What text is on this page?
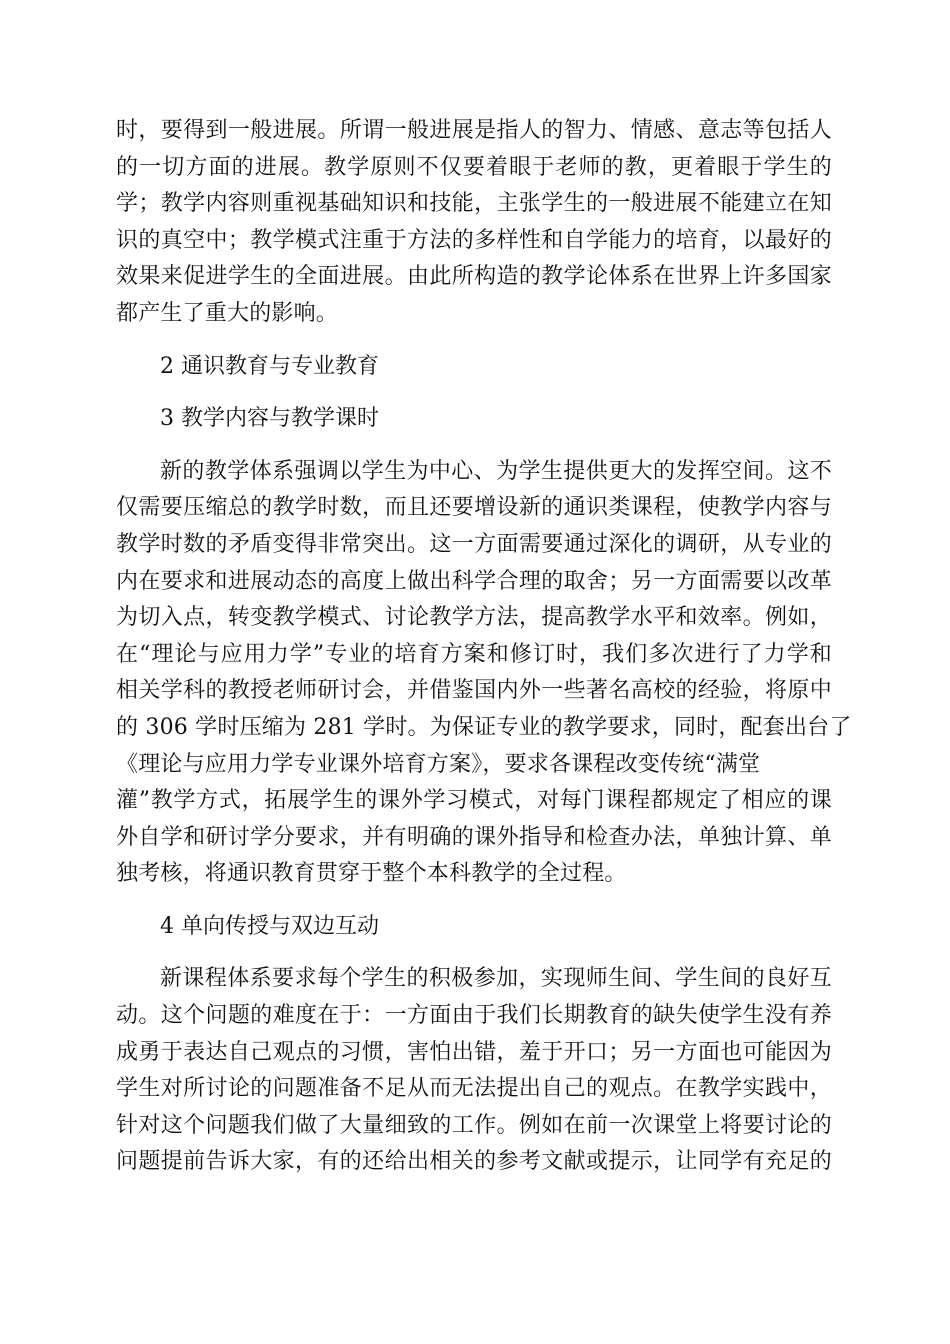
时，要得到一般进展。所谓一般进展是指人的智力、情感、意志等包括人
的一切方面的进展。教学原则不仅要着眼于老师的教，更着眼于学生的
学；教学内容则重视基础知识和技能，主张学生的一般进展不能建立在知
识的真空中；教学模式注重于方法的多样性和自学能力的培育，以最好的
效果来促进学生的全面进展。由此所构造的教学论体系在世界上许多国家
都产生了重大的影响。
2 通识教育与专业教育
3 教学内容与教学课时
新的教学体系强调以学生为中心、为学生提供更大的发挥空间。这不
仅需要压缩总的教学时数，而且还要增设新的通识类课程，使教学内容与
教学时数的矛盾变得非常突出。这一方面需要通过深化的调研，从专业的
内在要求和进展动态的高度上做出科学合理的取舍；另一方面需要以改革
为切入点，转变教学模式、讨论教学方法，提高教学水平和效率。例如，
在“理论与应用力学”专业的培育方案和修订时，我们多次进行了力学和
相关学科的教授老师研讨会，并借鉴国内外一些著名高校的经验，将原中
的 306 学时压缩为 281 学时。为保证专业的教学要求，同时，配套出台了
《理论与应用力学专业课外培育方案》，要求各课程改变传统“满堂
灌”教学方式，拓展学生的课外学习模式，对每门课程都规定了相应的课
外自学和研讨学分要求，并有明确的课外指导和检查办法，单独计算、单
独考核，将通识教育贯穿于整个本科教学的全过程。
4 单向传授与双边互动
新课程体系要求每个学生的积极参加，实现师生间、学生间的良好互
动。这个问题的难度在于：一方面由于我们长期教育的缺失使学生没有养
成勇于表达自己观点的习惯，害怕出错，羞于开口；另一方面也可能因为
学生对所讨论的问题准备不足从而无法提出自己的观点。在教学实践中，
针对这个问题我们做了大量细致的工作。例如在前一次课堂上将要讨论的
问题提前告诉大家，有的还给出相关的参考文献或提示，让同学有充足的
